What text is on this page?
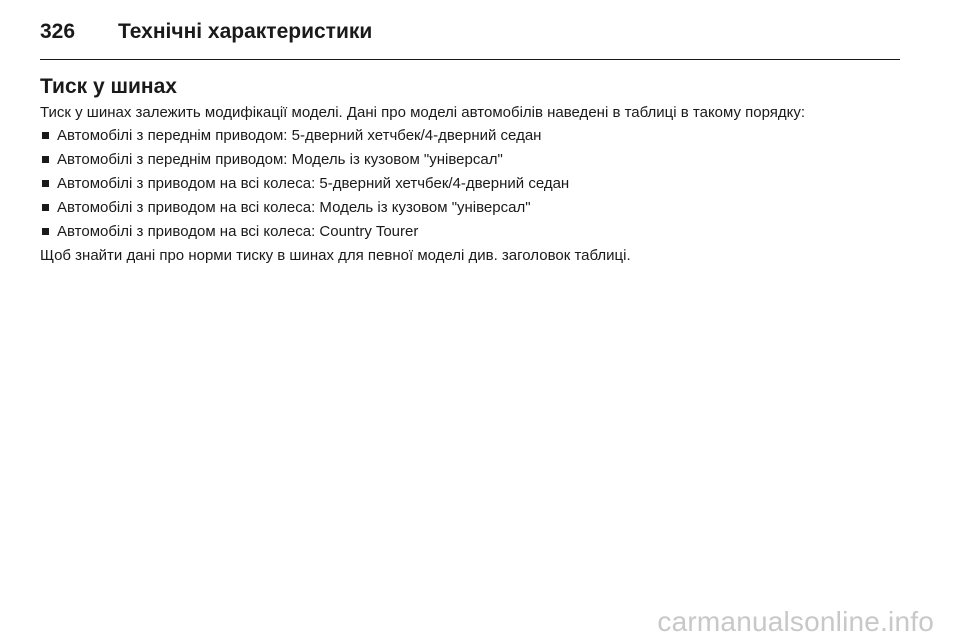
326 Технічні характеристики
Тиск у шинах

Тиск у шинах залежить модифікації моделі. Дані про моделі автомобілів наведені в таблиці в такому порядку:

Автомобілі з переднім приводом: 5-дверний хетчбек/4-дверний седан
Автомобілі з переднім приводом: Модель із кузовом "універсал"
Автомобілі з приводом на всі колеса: 5-дверний хетчбек/4-дверний седан
Автомобілі з приводом на всі колеса: Модель із кузовом "універсал"
Автомобілі з приводом на всі колеса: Country Tourer

Щоб знайти дані про норми тиску в шинах для певної моделі див. заголовок таблиці.

carmanualsonline.info
